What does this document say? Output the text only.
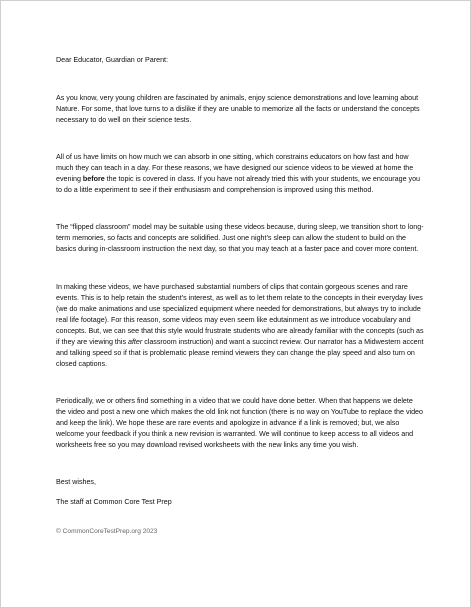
Dear Educator, Guardian or Parent:

As you know, very young children are fascinated by animals, enjoy science demonstrations and love learning about Nature. For some, that love turns to a dislike if they are unable to memorize all the facts or understand the concepts necessary to do well on their science tests.

All of us have limits on how much we can absorb in one sitting, which constrains educators on how fast and how much they can teach in a day. For these reasons, we have designed our science videos to be viewed at home the evening before the topic is covered in class. If you have not already tried this with your students, we encourage you to do a little experiment to see if their enthusiasm and comprehension is improved using this method.

The “flipped classroom” model may be suitable using these videos because, during sleep, we transition short to long-term memories, so facts and concepts are solidified. Just one night’s sleep can allow the student to build on the basics during in-classroom instruction the next day, so that you may teach at a faster pace and cover more content.

In making these videos, we have purchased substantial numbers of clips that contain gorgeous scenes and rare events. This is to help retain the student’s interest, as well as to let them relate to the concepts in their everyday lives (we do make animations and use specialized equipment where needed for demonstrations, but always try to include real life footage). For this reason, some videos may even seem like edutainment as we introduce vocabulary and concepts. But, we can see that this style would frustrate students who are already familiar with the concepts (such as if they are viewing this after classroom instruction) and want a succinct review. Our narrator has a Midwestern accent and talking speed so if that is problematic please remind viewers they can change the play speed and also turn on closed captions.

Periodically, we or others find something in a video that we could have done better. When that happens we delete the video and post a new one which makes the old link not function (there is no way on YouTube to replace the video and keep the link). We hope these are rare events and apologize in advance if a link is removed; but, we also welcome your feedback if you think a new revision is warranted. We will continue to keep access to all videos and worksheets free so you may download revised worksheets with the new links any time you wish.

Best wishes,

The staff at Common Core Test Prep

© CommonCoreTestPrep.org 2023
